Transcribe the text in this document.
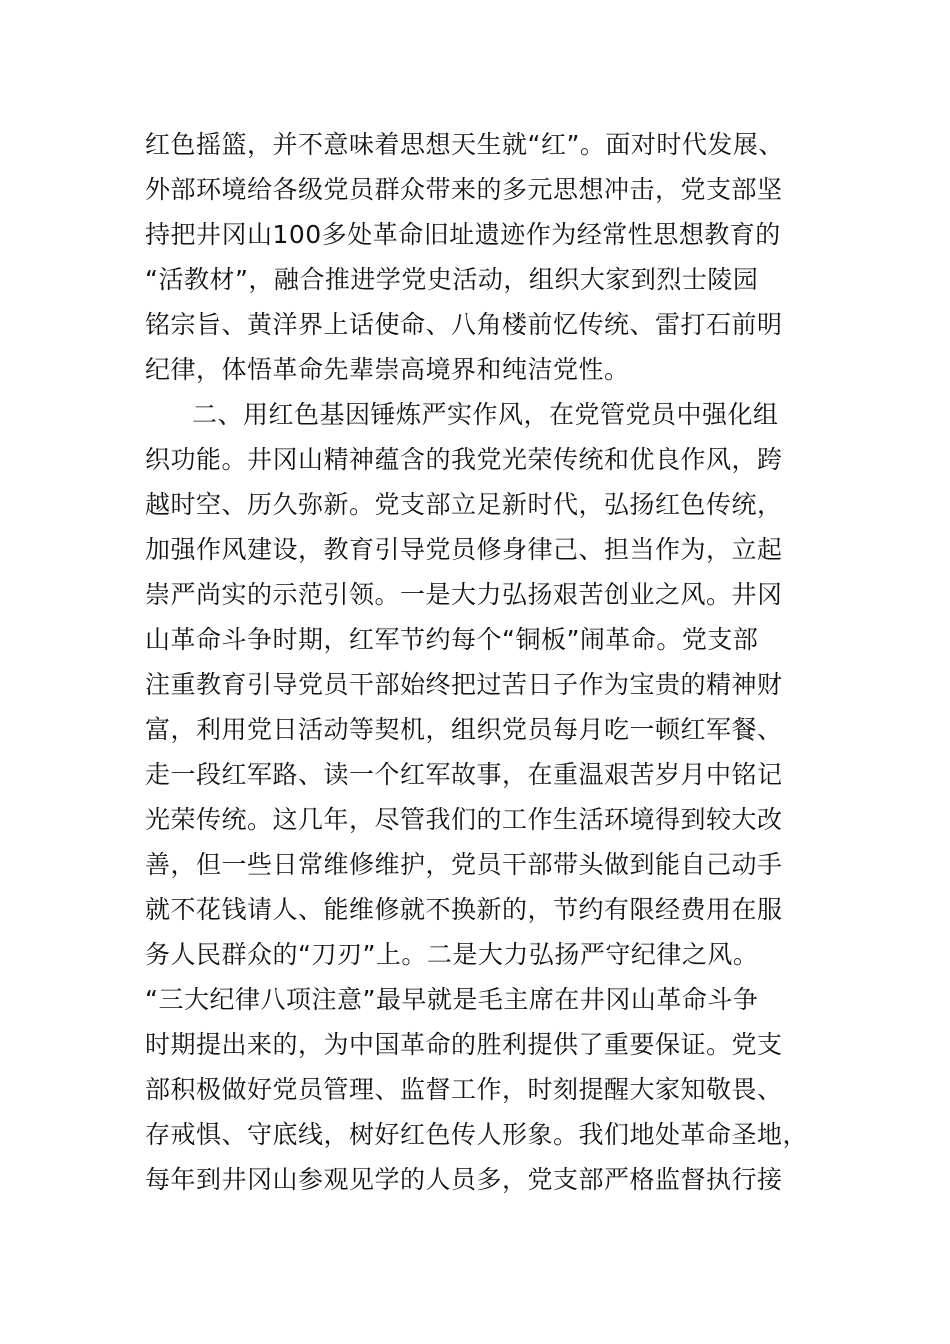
红色摇篮，并不意味着思想天生就“红”。面对时代发展、
外部环境给各级党员群众带来的多元思想冲击，党支部坚
持把井冈山100多处革命旧址遗迹作为经常性思想教育的
“活教材”，融合推进学党史活动，组织大家到烈士陵园
铭宗旨、黄洋界上话使命、八角楼前忆传统、雷打石前明
纪律，体悟革命先辈崇高境界和纯洁党性。
二、用红色基因锤炼严实作风，在党管党员中强化组
织功能。井冈山精神蕴含的我党光荣传统和优良作风，跨
越时空、历久弥新。党支部立足新时代，弘扬红色传统，
加强作风建设，教育引导党员修身律己、担当作为，立起
崇严尚实的示范引领。一是大力弘扬艰苦创业之风。井冈
山革命斗争时期，红军节约每个“铜板”闹革命。党支部
注重教育引导党员干部始终把过苦日子作为宝贵的精神财
富，利用党日活动等契机，组织党员每月吃一顿红军餐、
走一段红军路、读一个红军故事，在重温艰苦岁月中铭记
光荣传统。这几年，尽管我们的工作生活环境得到较大改
善，但一些日常维修维护，党员干部带头做到能自己动手
就不花钱请人、能维修就不换新的，节约有限经费用在服
务人民群众的“刀刃”上。二是大力弘扬严守纪律之风。
“三大纪律八项注意”最早就是毛主席在井冈山革命斗争
时期提出来的，为中国革命的胜利提供了重要保证。党支
部积极做好党员管理、监督工作，时刻提醒大家知敬畏、
存戒惧、守底线，树好红色传人形象。我们地处革命圣地，
每年到井冈山参观见学的人员多，党支部严格监督执行接
